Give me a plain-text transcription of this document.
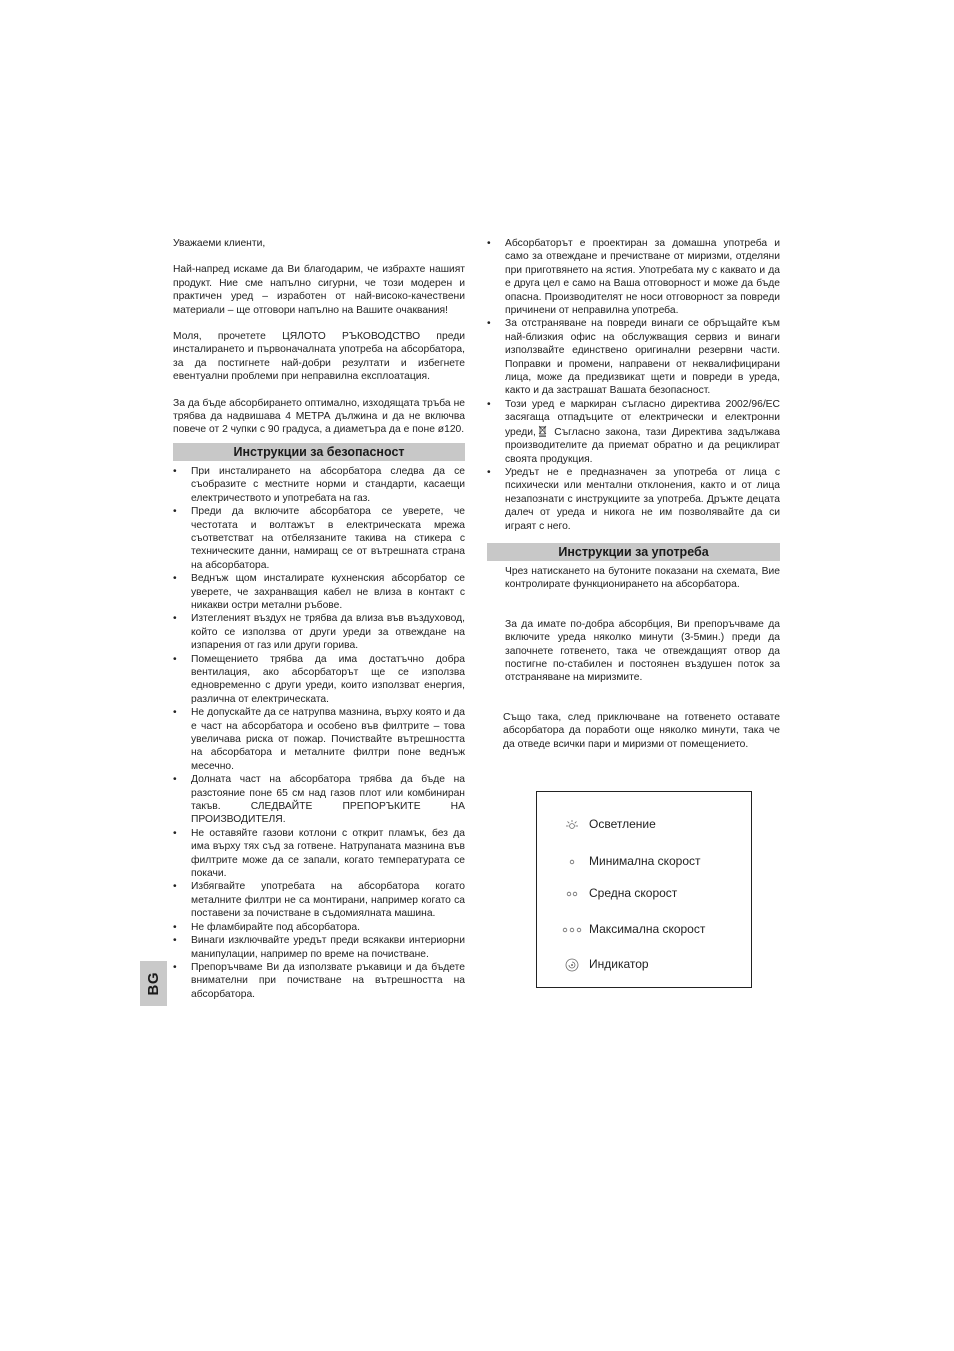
Уважаеми клиенти,

Най-напред искаме да Ви благодарим, че избрахте нашият продукт. Ние сме напълно сигурни, че този модерен и практичен уред – изработен от най-високо-качествени материали – ще отговори напълно на Вашите очаквания!

Моля, прочетете ЦЯЛОТО РЪКОВОДСТВО преди инсталирането и първоначалната употреба на абсорбатора, за да постигнете най-добри резултати и избегнете евентуални проблеми при неправилна експлоатация.

За да бъде абсорбирането оптимално, изходящата тръба не трябва да надвишава 4 МЕТРА дължина и да не включва повече от 2 чупки с 90 градуса, а диаметъра да е поне ø120.

Инструкции за безопасност
• При инсталирането на абсорбатора следва да се съобразите с местните норми и стандарти, касаещи електричеството и употребата на газ.
• Преди да включите абсорбатора се уверете, че честотата и волтажът в електрическата мрежа съответстват на отбелязаните такива на стикера с техническите данни, намиращ се от вътрешната страна на абсорбатора.
• Веднъж щом инсталирате кухненския абсорбатор се уверете, че захранващия кабел не влиза в контакт с никакви остри метални ръбове.
• Изтегленият въздух не трябва да влиза във въздуховод, който се използва от други уреди за отвеждане на изпарения от газ или други горива.
• Помещението трябва да има достатъчно добра вентилация, ако абсорбаторът ще се използва едновременно с други уреди, които използват енергия, различна от електрическата.
• Не допускайте да се натрупва мазнина, върху която и да е част на абсорбатора и особено във филтрите – това увеличава риска от пожар. Почиствайте вътрешността на абсорбатора и металните филтри поне веднъж месечно.
• Долната част на абсорбатора трябва да бъде на разстояние поне 65 см над газов плот или комбиниран такъв. СЛЕДВАЙТЕ ПРЕПОРЪКИТЕ НА ПРОИЗВОДИТЕЛЯ.
• Не оставяйте газови котлони с открит пламък, без да има върху тях съд за готвене. Натрупаната мазнина във филтрите може да се запали, когато температурата се покачи.
• Избягвайте употребата на абсорбатора когато металните филтри не са монтирани, например когато са поставени за почистване в съдомиялната машина.
• Не фламбирайте под абсорбатора.
• Винаги изключвайте уредът преди всякакви интериорни манипулации, например по време на почистване.
• Препоръчваме Ви да използвате ръкавици и да бъдете внимателни при почистване на вътрешността на абсорбатора.
• Абсорбаторът е проектиран за домашна употреба и само за отвеждане и пречистване от миризми, отделяни при приготвянето на ястия. Употребата му с каквато и да е друга цел е само на Ваша отговорност и може да бъде опасна. Производителят не носи отговорност за повреди причинени от неправилна употреба.
• За отстраняване на повреди винаги се обръщайте към най-близкия офис на обслужващия сервиз и винаги използвайте единствено оригинални резервни части. Поправки и промени, направени от неквалифицирани лица, може да предизвикат щети и повреди в уреда, както и да застрашат Вашата безопасност.
• Този уред е маркиран съгласно директива 2002/96/ЕС засягаща отпадъците от електрически и електронни уреди, Съгласно закона, тази Директива задължава производителите да приемат обратно и да рециклират своята продукция.
• Уредът не е предназначен за употреба от лица с психически или ментални отклонения, както и от лица незапознати с инструкциите за употреба. Дръжте децата далеч от уреда и никога не им позволявайте да си играят с него.
Инструкции за употреба

Чрез натискането на бутоните показани на схемата, Вие контролирате функционирането на абсорбатора.

За да имате по-добра абсорбция, Ви препоръчваме да включите уреда няколко минути (3-5мин.) преди да започнете готвенето, така че отвеждащият отвор да постигне по-стабилен и постоянен въздушен поток за отстраняване на миризмите.

Също така, след приключване на готвенето оставате абсорбатора да поработи още няколко минути, така че да отведе всички пари и миризми от помещението.

Осветление
Минимална скорост
Средна скорост
Максимална скорост
Индикатор
BG
